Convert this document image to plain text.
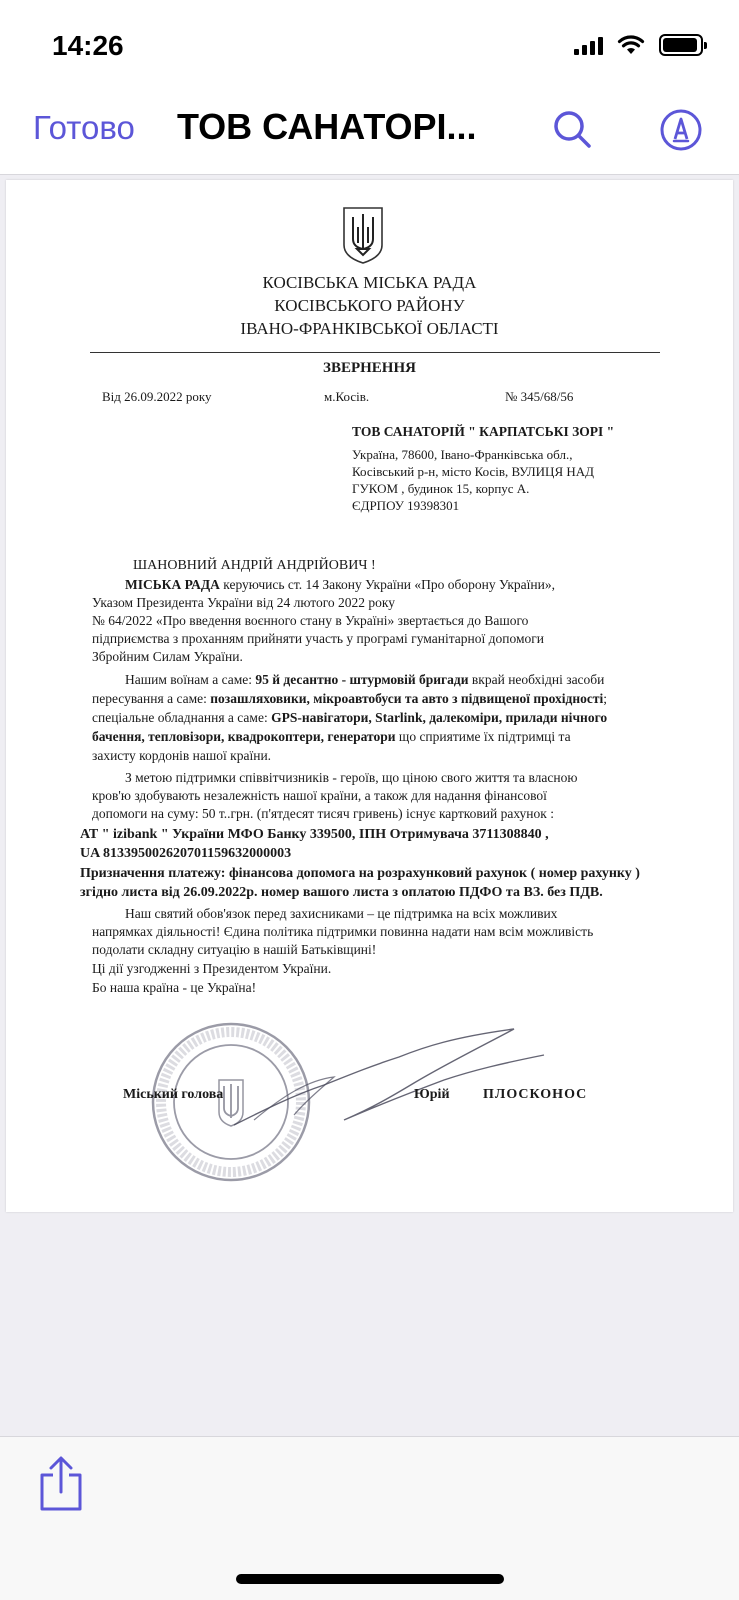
14:26
Готово ТОВ САНАТОРІ...
КОСІВСЬКА МІСЬКА РАДА
КОСІВСЬКОГО РАЙОНУ
ІВАНО-ФРАНКІВСЬКОЇ ОБЛАСТІ
ЗВЕРНЕННЯ
Від 26.09.2022 року	м.Косів.	№ 345/68/56
ТОВ САНАТОРІЙ " КАРПАТСЬКІ ЗОРІ "
Україна, 78600, Івано-Франківська обл.,
Косівський р-н, місто Косів, ВУЛИЦЯ НАД
ГУКОМ , будинок 15, корпус А.
ЄДРПОУ 19398301
ШАНОВНИЙ АНДРІЙ АНДРІЙОВИЧ !
МІСЬКА РАДА керуючись ст. 14 Закону України «Про оборону України»,
Указом Президента України від 24 лютого 2022 року
№ 64/2022 «Про введення воєнного стану в Україні» звертається до Вашого
підприємства з проханням прийняти участь у програмі гуманітарної допомоги
Збройним Силам України.
Нашим воїнам а саме: 95 й десантно - штурмовій бригади вкрай необхідні засоби
пересування а саме: позашляховики, мікроавтобуси та авто з підвищеної прохідності;
спеціальне обладнання а саме: GPS-навігатори, Starlink, далекоміри, прилади нічного
бачення, тепловізори, квадрокоптери, генератори що сприятиме їх підтримці та
захисту кордонів нашої країни.
З метою підтримки співвітчизників - героїв, що ціною свого життя та власною
кров'ю здобувають незалежність нашої країни, а також для надання фінансової
допомоги на суму: 50 т..грн. (п'ятдесят тисяч гривень) існує картковий рахунок :
АТ " izibank " України МФО Банку 339500, ІПН Отримувача 3711308840 ,
UA 813395002620701159632000003
Призначення платежу: фінансова допомога на розрахунковий рахунок ( номер рахунку )
згідно листа від 26.09.2022р. номер вашого листа з оплатою ПДФО та ВЗ. без ПДВ.
Наш святий обов'язок перед захисниками – це підтримка на всіх можливих
напрямках діяльності! Єдина політика підтримки повинна надати нам всім можливість
подолати складну ситуацію в нашій Батьківщині!
Ці дії узгодженні з Президентом України.
Бо наша країна - це Україна!
Міський голова	Юрій ПЛОСКОНОС
